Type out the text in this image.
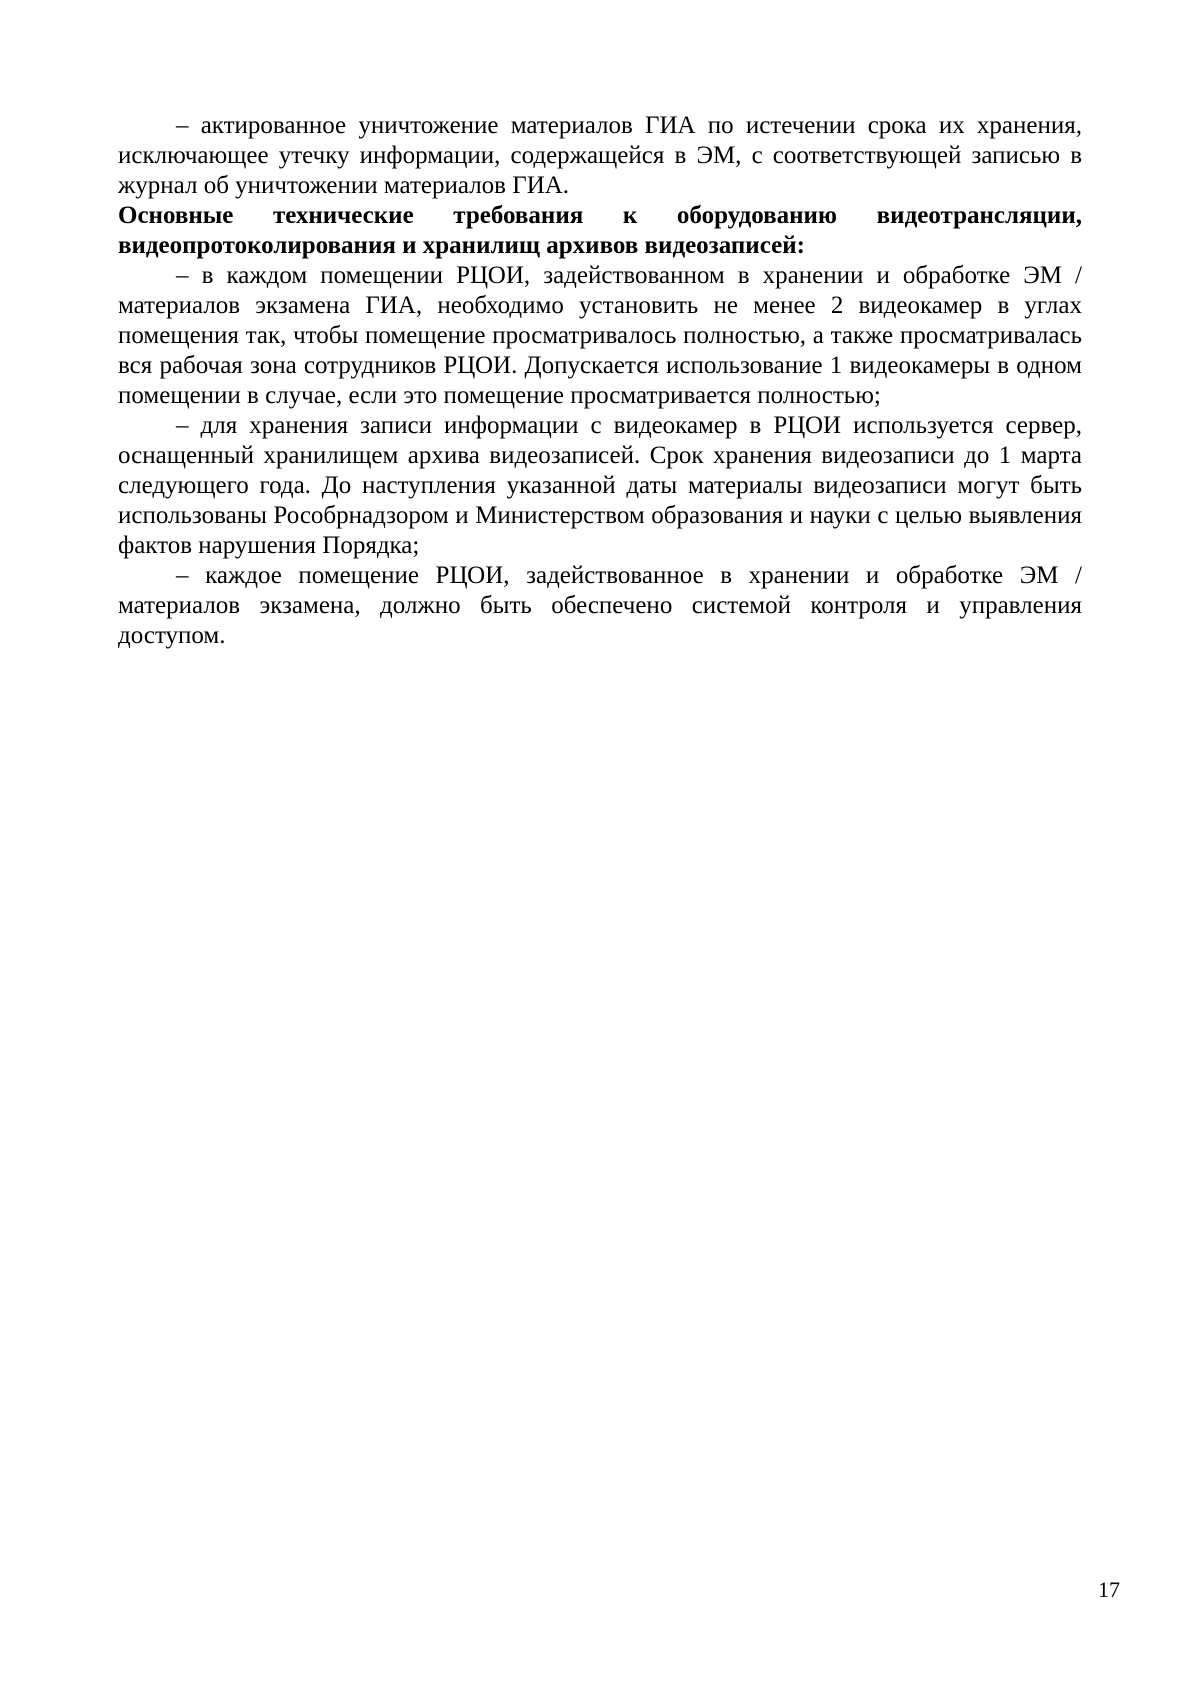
– актированное уничтожение материалов ГИА по истечении срока их хранения, исключающее утечку информации, содержащейся в ЭМ, с соответствующей записью в журнал об уничтожении материалов ГИА.

Основные технические требования к оборудованию видеотрансляции, видеопротоколирования и хранилищ архивов видеозаписей:

– в каждом помещении РЦОИ, задействованном в хранении и обработке ЭМ / материалов экзамена ГИА, необходимо установить не менее 2 видеокамер в углах помещения так, чтобы помещение просматривалось полностью, а также просматривалась вся рабочая зона сотрудников РЦОИ. Допускается использование 1 видеокамеры в одном помещении в случае, если это помещение просматривается полностью;

– для хранения записи информации с видеокамер в РЦОИ используется сервер, оснащенный хранилищем архива видеозаписей. Срок хранения видеозаписи до 1 марта следующего года. До наступления указанной даты материалы видеозаписи могут быть использованы Рособрнадзором и Министерством образования и науки с целью выявления фактов нарушения Порядка;

– каждое помещение РЦОИ, задействованное в хранении и обработке ЭМ / материалов экзамена, должно быть обеспечено системой контроля и управления доступом.

17
